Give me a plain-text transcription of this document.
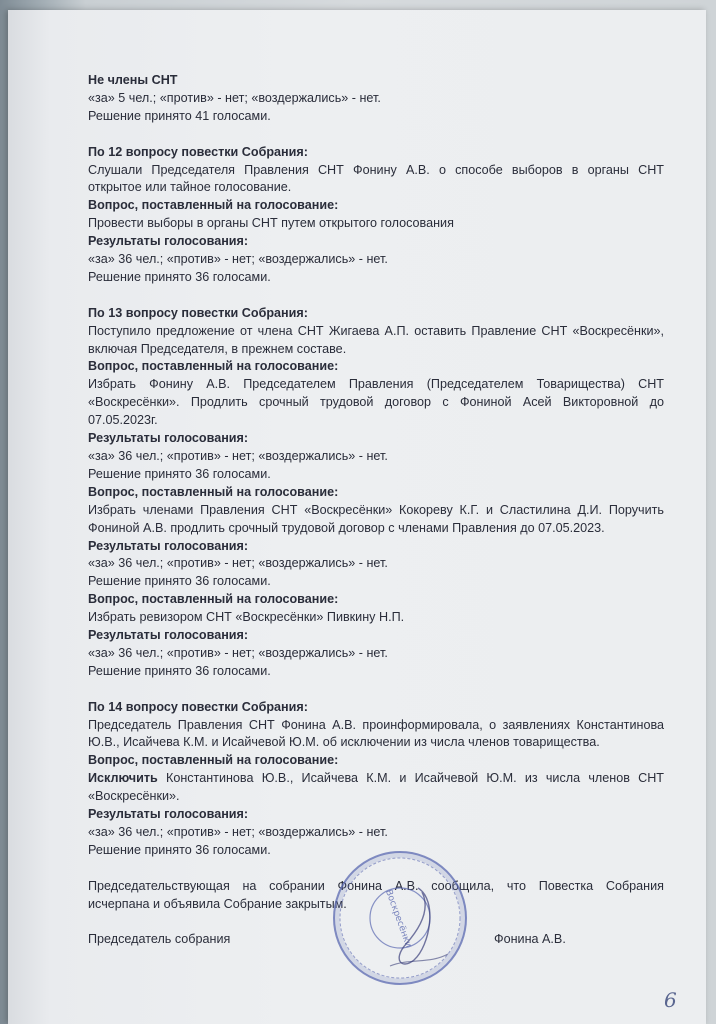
Не члены СНТ
«за» 5 чел.; «против» - нет; «воздержались» - нет.
Решение принято 41 голосами.
По 12 вопросу повестки Собрания:
Слушали Председателя Правления СНТ Фонину А.В. о способе выборов в органы СНТ
открытое или тайное голосование.
Вопрос, поставленный на голосование:
Провести выборы в органы СНТ путем открытого голосования
Результаты голосования:
«за» 36 чел.; «против» - нет; «воздержались» - нет.
Решение принято 36 голосами.
По 13 вопросу повестки Собрания:
Поступило предложение от члена СНТ Жигаева А.П. оставить Правление СНТ «Воскресёнки»,
включая Председателя, в прежнем составе.
Вопрос, поставленный на голосование:
Избрать Фонину А.В. Председателем Правления (Председателем Товарищества) СНТ
«Воскресёнки». Продлить срочный трудовой договор с Фониной Асей Викторовной до
07.05.2023г.
Результаты голосования:
«за» 36 чел.; «против» - нет; «воздержались» - нет.
Решение принято 36 голосами.
Вопрос, поставленный на голосование:
Избрать членами Правления СНТ «Воскресёнки» Кокореву К.Г. и Сластилина Д.И. Поручить
Фониной А.В. продлить срочный трудовой договор с членами Правления до 07.05.2023.
Результаты голосования:
«за» 36 чел.; «против» - нет; «воздержались» - нет.
Решение принято 36 голосами.
Вопрос, поставленный на голосование:
Избрать ревизором СНТ «Воскресёнки» Пивкину Н.П.
Результаты голосования:
«за» 36 чел.; «против» - нет; «воздержались» - нет.
Решение принято 36 голосами.
По 14 вопросу повестки Собрания:
Председатель Правления СНТ Фонина А.В. проинформировала, о заявлениях Константинова
Ю.В., Исайчева К.М. и Исайчевой Ю.М. об исключении из числа членов товарищества.
Вопрос, поставленный на голосование:
Исключить Константинова Ю.В., Исайчева К.М. и Исайчевой Ю.М. из числа членов СНТ
«Воскресёнки».
Результаты голосования:
«за» 36 чел.; «против» - нет; «воздержались» - нет.
Решение принято 36 голосами.
Председательствующая на собрании Фонина А.В. сообщила, что Повестка Собрания
исчерпана и объявила Собрание закрытым.
Председатель собрания	Фонина А.В.
Воскресёнки
6
